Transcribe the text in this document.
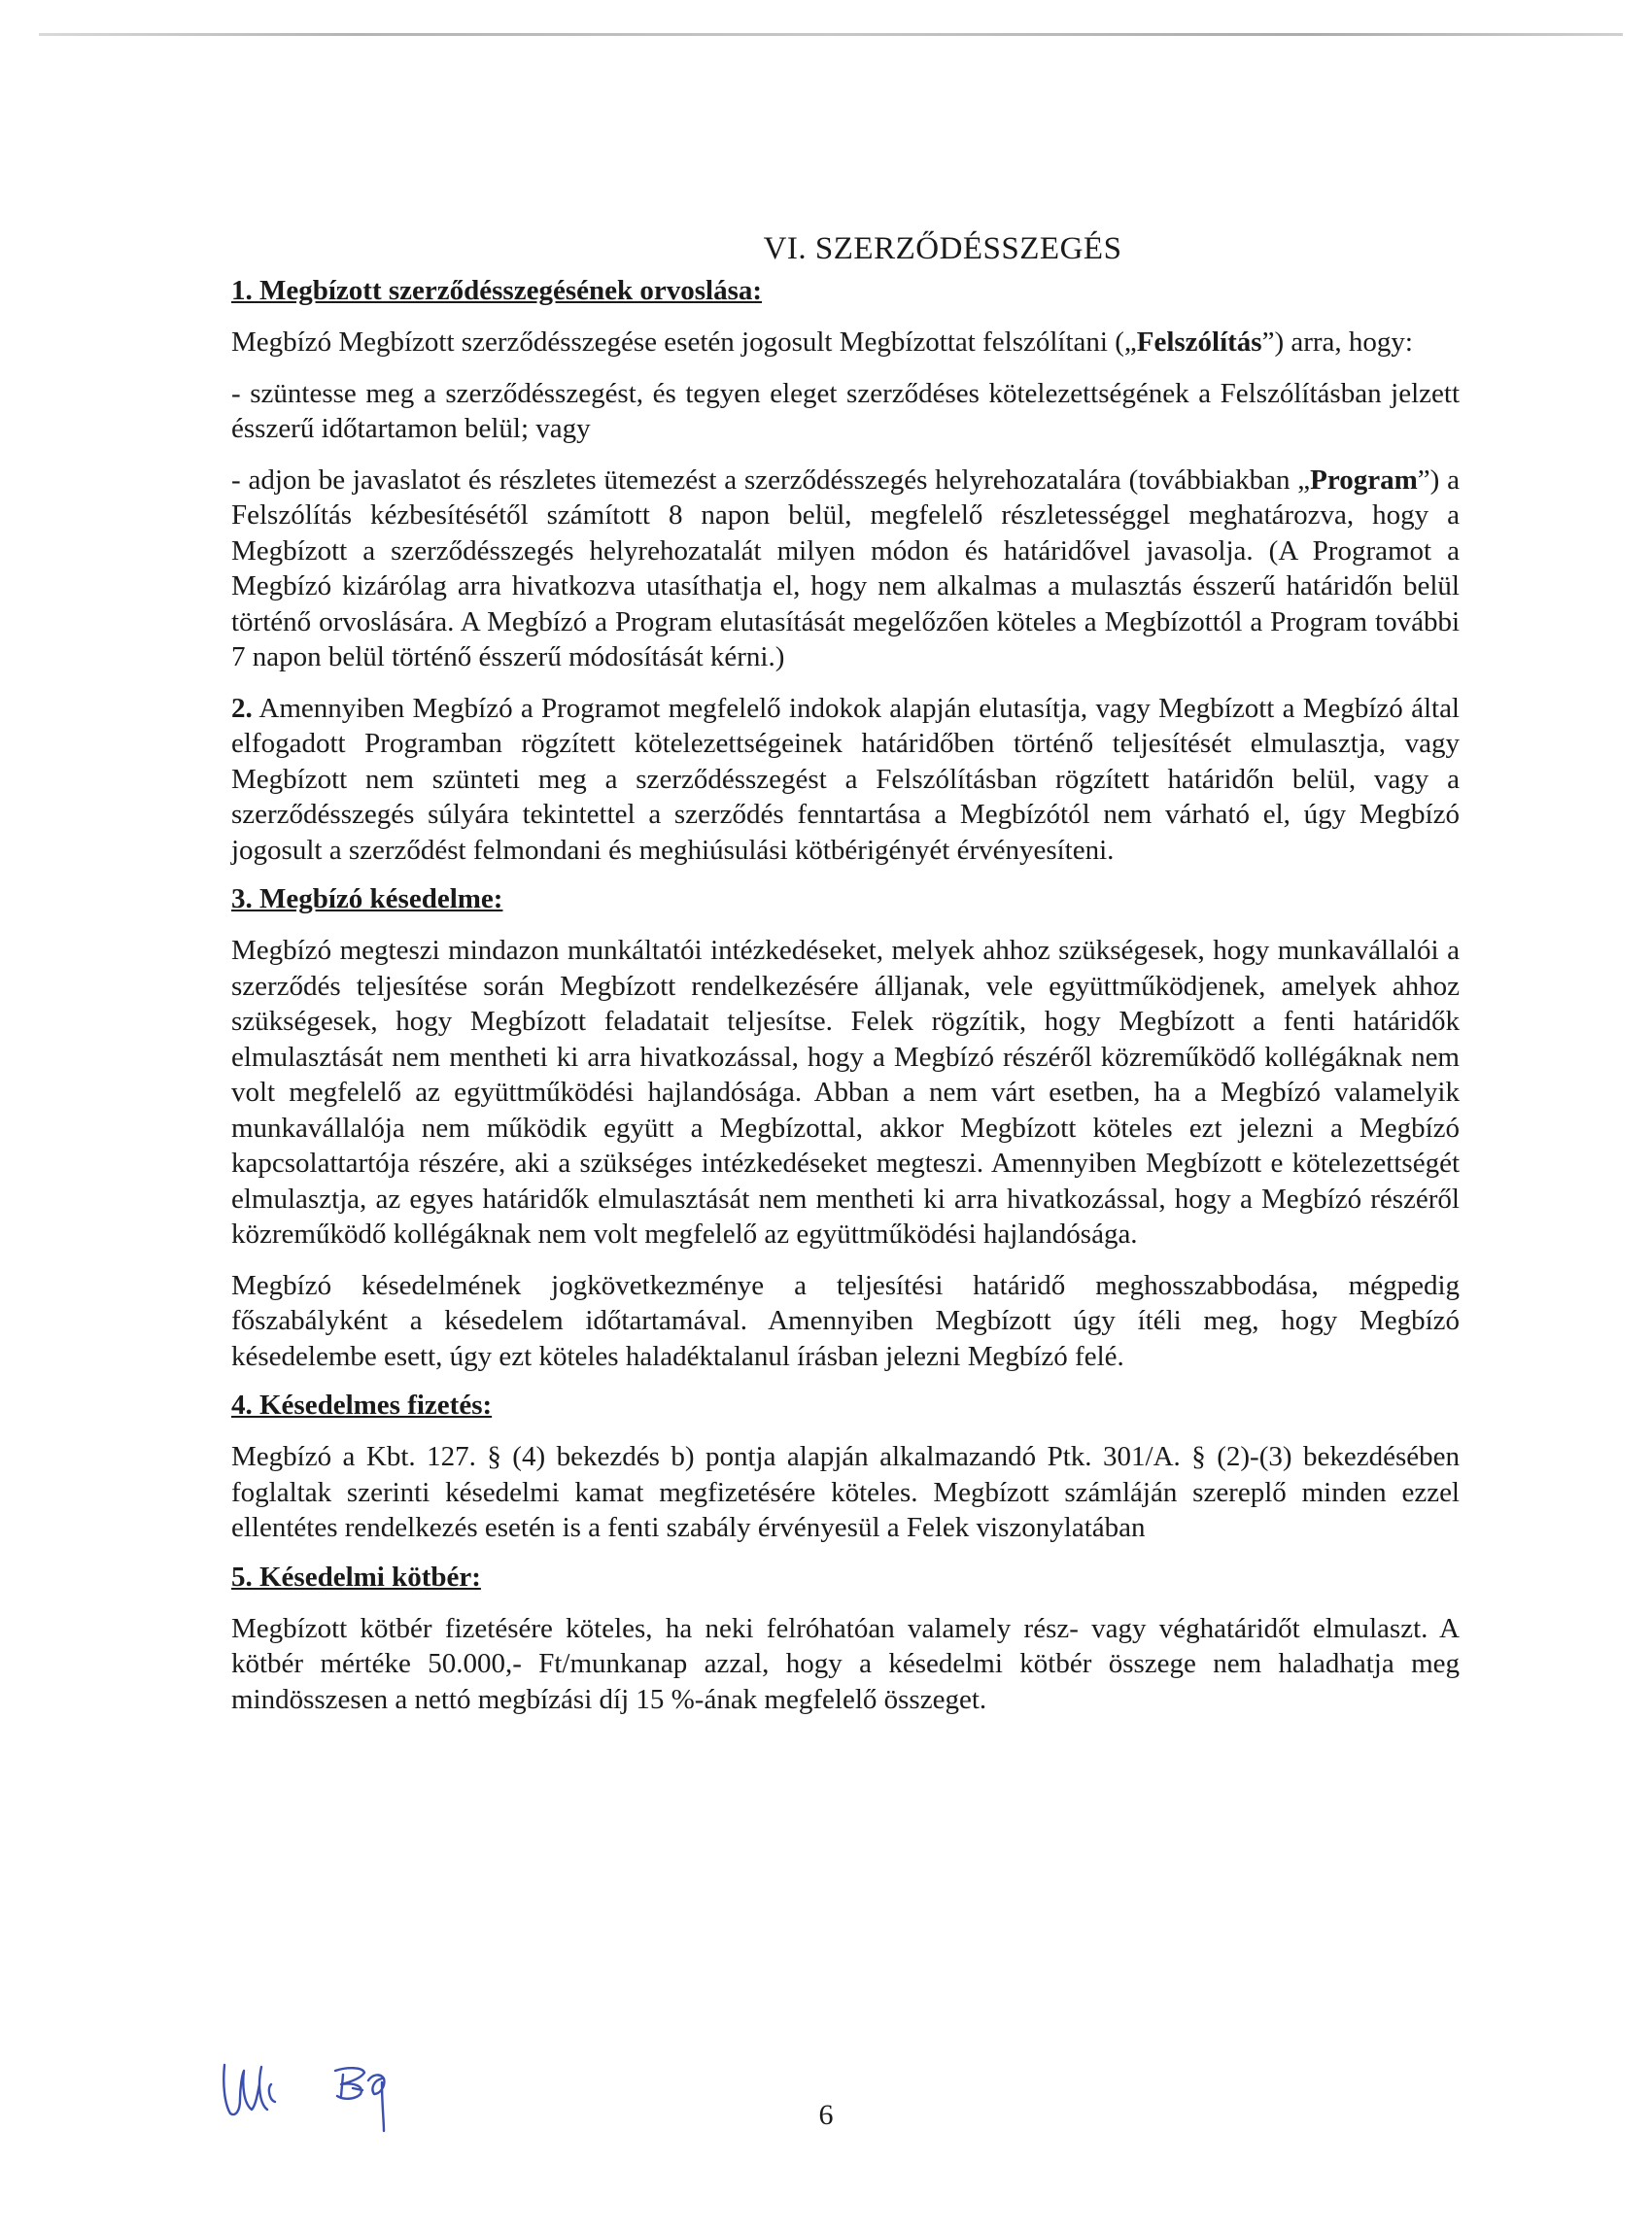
VI. SZERZŐDÉSSZEGÉS
1. Megbízott szerződésszegésének orvoslása:

Megbízó Megbízott szerződésszegése esetén jogosult Megbízottat felszólítani („Felszólítás”) arra, hogy:

- szüntesse meg a szerződésszegést, és tegyen eleget szerződéses kötelezettségének a Felszólításban jelzett ésszerű időtartamon belül; vagy

- adjon be javaslatot és részletes ütemezést a szerződésszegés helyrehozatalára (továbbiakban „Program”) a Felszólítás kézbesítésétől számított 8 napon belül, megfelelő részletességgel meghatározva, hogy a Megbízott a szerződésszegés helyrehozatalát milyen módon és határidővel javasolja. (A Programot a Megbízó kizárólag arra hivatkozva utasíthatja el, hogy nem alkalmas a mulasztás ésszerű határidőn belül történő orvoslására. A Megbízó a Program elutasítását megelőzően köteles a Megbízottól a Program további 7 napon belül történő ésszerű módosítását kérni.)

2. Amennyiben Megbízó a Programot megfelelő indokok alapján elutasítja, vagy Megbízott a Megbízó által elfogadott Programban rögzített kötelezettségeinek határidőben történő teljesítését elmulasztja, vagy Megbízott nem szünteti meg a szerződésszegést a Felszólításban rögzített határidőn belül, vagy a szerződésszegés súlyára tekintettel a szerződés fenntartása a Megbízótól nem várható el, úgy Megbízó jogosult a szerződést felmondani és meghiúsulási kötbérigényét érvényesíteni.

3. Megbízó késedelme:

Megbízó megteszi mindazon munkáltatói intézkedéseket, melyek ahhoz szükségesek, hogy munkavállalói a szerződés teljesítése során Megbízott rendelkezésére álljanak, vele együttműködjenek, amelyek ahhoz szükségesek, hogy Megbízott feladatait teljesítse. Felek rögzítik, hogy Megbízott a fenti határidők elmulasztását nem mentheti ki arra hivatkozással, hogy a Megbízó részéről közreműködő kollégáknak nem volt megfelelő az együttműködési hajlandósága. Abban a nem várt esetben, ha a Megbízó valamelyik munkavállalója nem működik együtt a Megbízottal, akkor Megbízott köteles ezt jelezni a Megbízó kapcsolattartója részére, aki a szükséges intézkedéseket megteszi. Amennyiben Megbízott e kötelezettségét elmulasztja, az egyes határidők elmulasztását nem mentheti ki arra hivatkozással, hogy a Megbízó részéről közreműködő kollégáknak nem volt megfelelő az együttműködési hajlandósága.

Megbízó késedelmének jogkövetkezménye a teljesítési határidő meghosszabbodása, mégpedig főszabályként a késedelem időtartamával. Amennyiben Megbízott úgy ítéli meg, hogy Megbízó késedelembe esett, úgy ezt köteles haladéktalanul írásban jelezni Megbízó felé.

4. Késedelmes fizetés:

Megbízó a Kbt. 127. § (4) bekezdés b) pontja alapján alkalmazandó Ptk. 301/A. § (2)-(3) bekezdésében foglaltak szerinti késedelmi kamat megfizetésére köteles. Megbízott számláján szereplő minden ezzel ellentétes rendelkezés esetén is a fenti szabály érvényesül a Felek viszonylatában

5. Késedelmi kötbér:

Megbízott kötbér fizetésére köteles, ha neki felróhatóan valamely rész- vagy véghatáridőt elmulaszt. A kötbér mértéke 50.000,- Ft/munkanap azzal, hogy a késedelmi kötbér összege nem haladhatja meg mindösszesen a nettó megbízási díj 15 %-ának megfelelő összeget.

6
